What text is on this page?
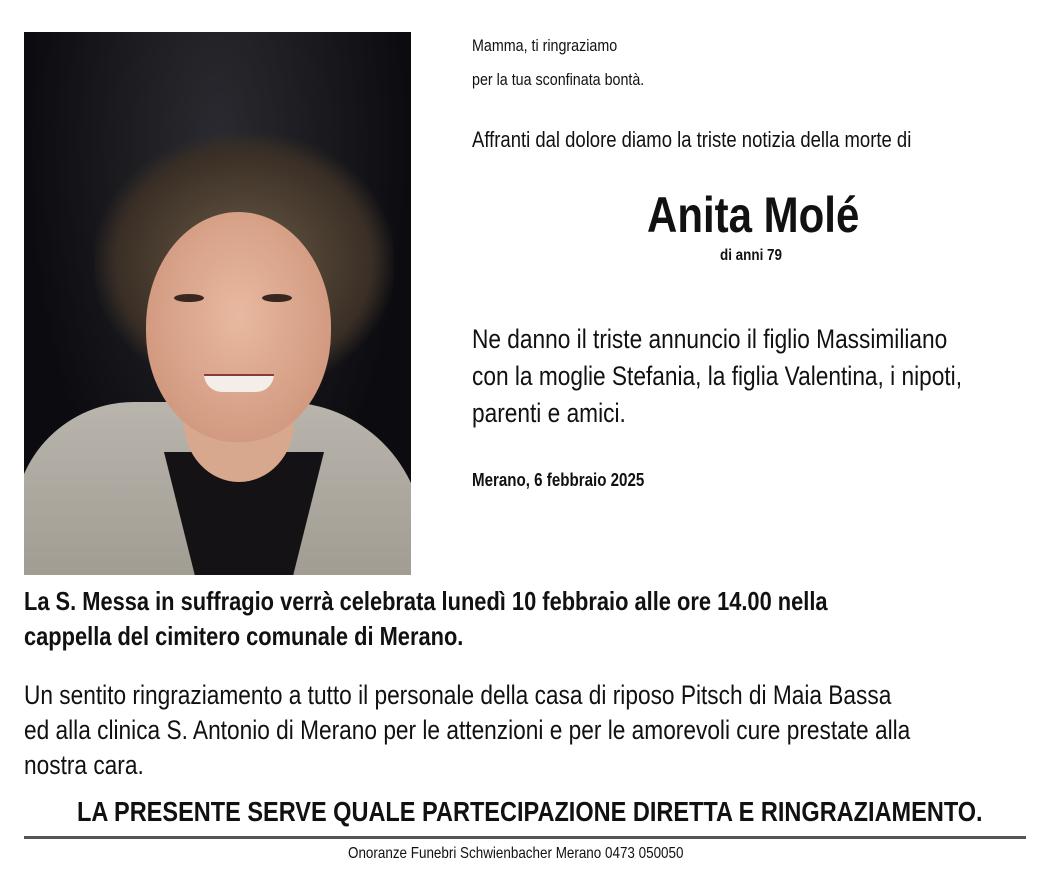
Mamma, ti ringraziamo
per la tua sconfinata bontà.
Affranti dal dolore diamo la triste notizia della morte di
Anita Molé
di anni 79
Ne danno il triste annuncio il figlio Massimiliano
con la moglie Stefania, la figlia Valentina, i nipoti,
parenti e amici.
Merano, 6 febbraio 2025
La S. Messa in suffragio verrà celebrata lunedì 10 febbraio alle ore 14.00 nella
cappella del cimitero comunale di Merano.
Un sentito ringraziamento a tutto il personale della casa di riposo Pitsch di Maia Bassa
ed alla clinica S. Antonio di Merano per le attenzioni e per le amorevoli cure prestate alla
nostra cara.
LA PRESENTE SERVE QUALE PARTECIPAZIONE DIRETTA E RINGRAZIAMENTO.
Onoranze Funebri Schwienbacher Merano 0473 050050
